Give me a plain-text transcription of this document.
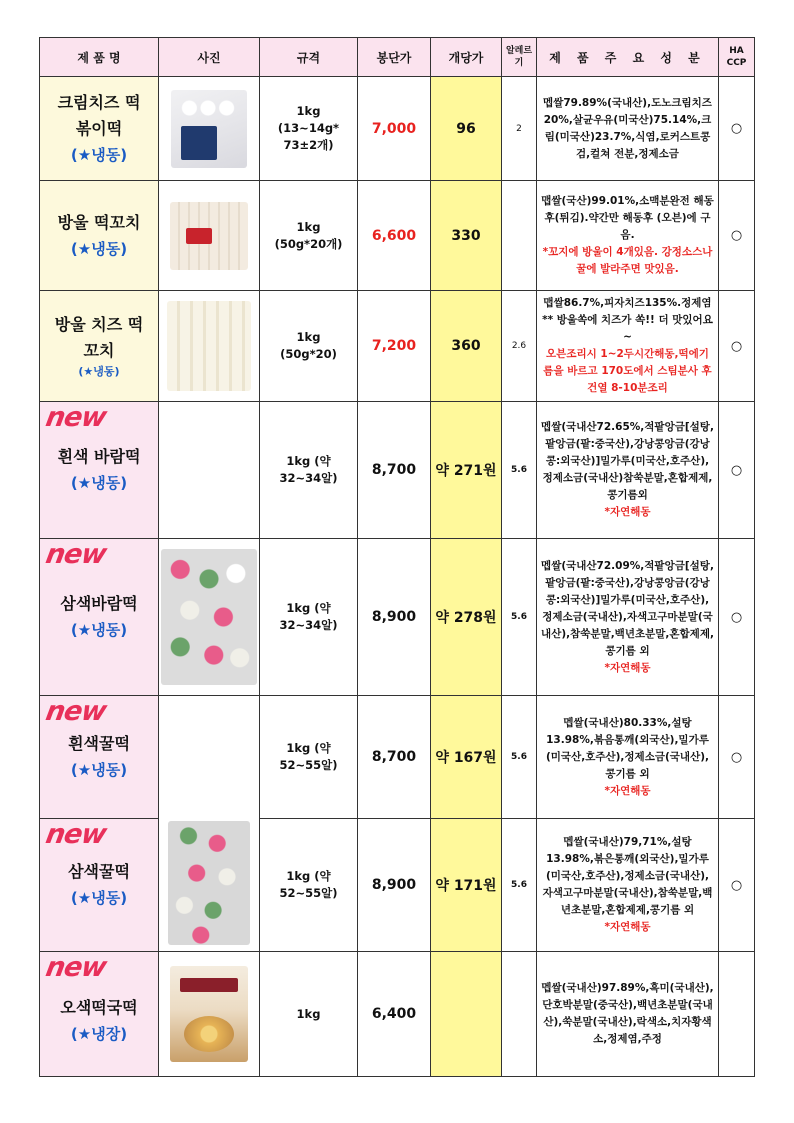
제 품 명	사진	규격	봉단가	개당가	알레르기	제 품 주 요 성 분	HA CCP

크림치즈 떡볶이떡
(★냉동)		1kg (13~14g* 73±2개)	7,000	96	2	멥쌀79.89%(국내산),도노크림치즈20%,살균우유(미국산)75.14%,크림(미국산)23.7%,식염,로커스트콩검,컬쳐 전분,정제소금	○

방울 떡꼬치
(★냉동)		1kg (50g*20개)	6,600	330		맵쌀(국산)99.01%,소맥분완전 해동후(튀김).약간만 해동후 (오븐)에 구음.
*꼬지에 방울이 4개있음. 강정소스나 꿀에 발라주면 맛있음.	○

방울 치즈 떡꼬치
(★냉동)		1kg (50g*20)	7,200	360	2.6	맵쌀86.7%,피자치즈135%.정제염 ** 방울쏙에 치즈가 쏙!! 더 맛있어요~
오븐조리시 1~2두시간해동,떡에기름을 바르고 170도에서 스팀분사 후 건열 8-10분조리	○

new
흰색 바람떡
(★냉동)		1kg (약 32~34알)	8,700	약 271원	5.6	멥쌀(국내산72.65%,적팥앙금[설탕,팥앙금(팥:중국산),강낭콩앙금(강낭콩:외국산)]밀가루(미국산,호주산),정제소금(국내산)참쑥분말,혼합제제,콩기름외
*자연해동	○

new
삼색바람떡
(★냉동)		1kg (약 32~34알)	8,900	약 278원	5.6	멥쌀(국내산72.09%,적팥앙금[설탕,팥앙금(팥:중국산),강낭콩앙금(강낭콩:외국산)]밀가루(미국산,호주산),정제소금(국내산),자색고구마분말(국내산),참쑥분말,백년초분말,혼합제제,콩기름 외
*자연해동	○

new
흰색꿀떡
(★냉동)		1kg (약52~55알)	8,700	약 167원	5.6	멥쌀(국내산)80.33%,설탕13.98%,볶음통깨(외국산),밀가루(미국산,호주산),정제소금(국내산),콩기름 외
*자연해동	○

new
삼색꿀떡
(★냉동)		1kg (약52~55알)	8,900	약 171원	5.6	멥쌀(국내산)79,71%,설탕13.98%,볶은통깨(외국산),밀가루(미국산,호주산),정제소금(국내산),자색고구마분말(국내산),참쑥분말,백년초분말,혼합제제,콩기름 외
*자연해동	○

new
오색떡국떡
(★냉장)		1kg	6,400			멥쌀(국내산)97.89%,흑미(국내산),단호박분말(중국산),백년초분말(국내산),쑥분말(국내산),락색소,치자황색소,정제염,주정	
